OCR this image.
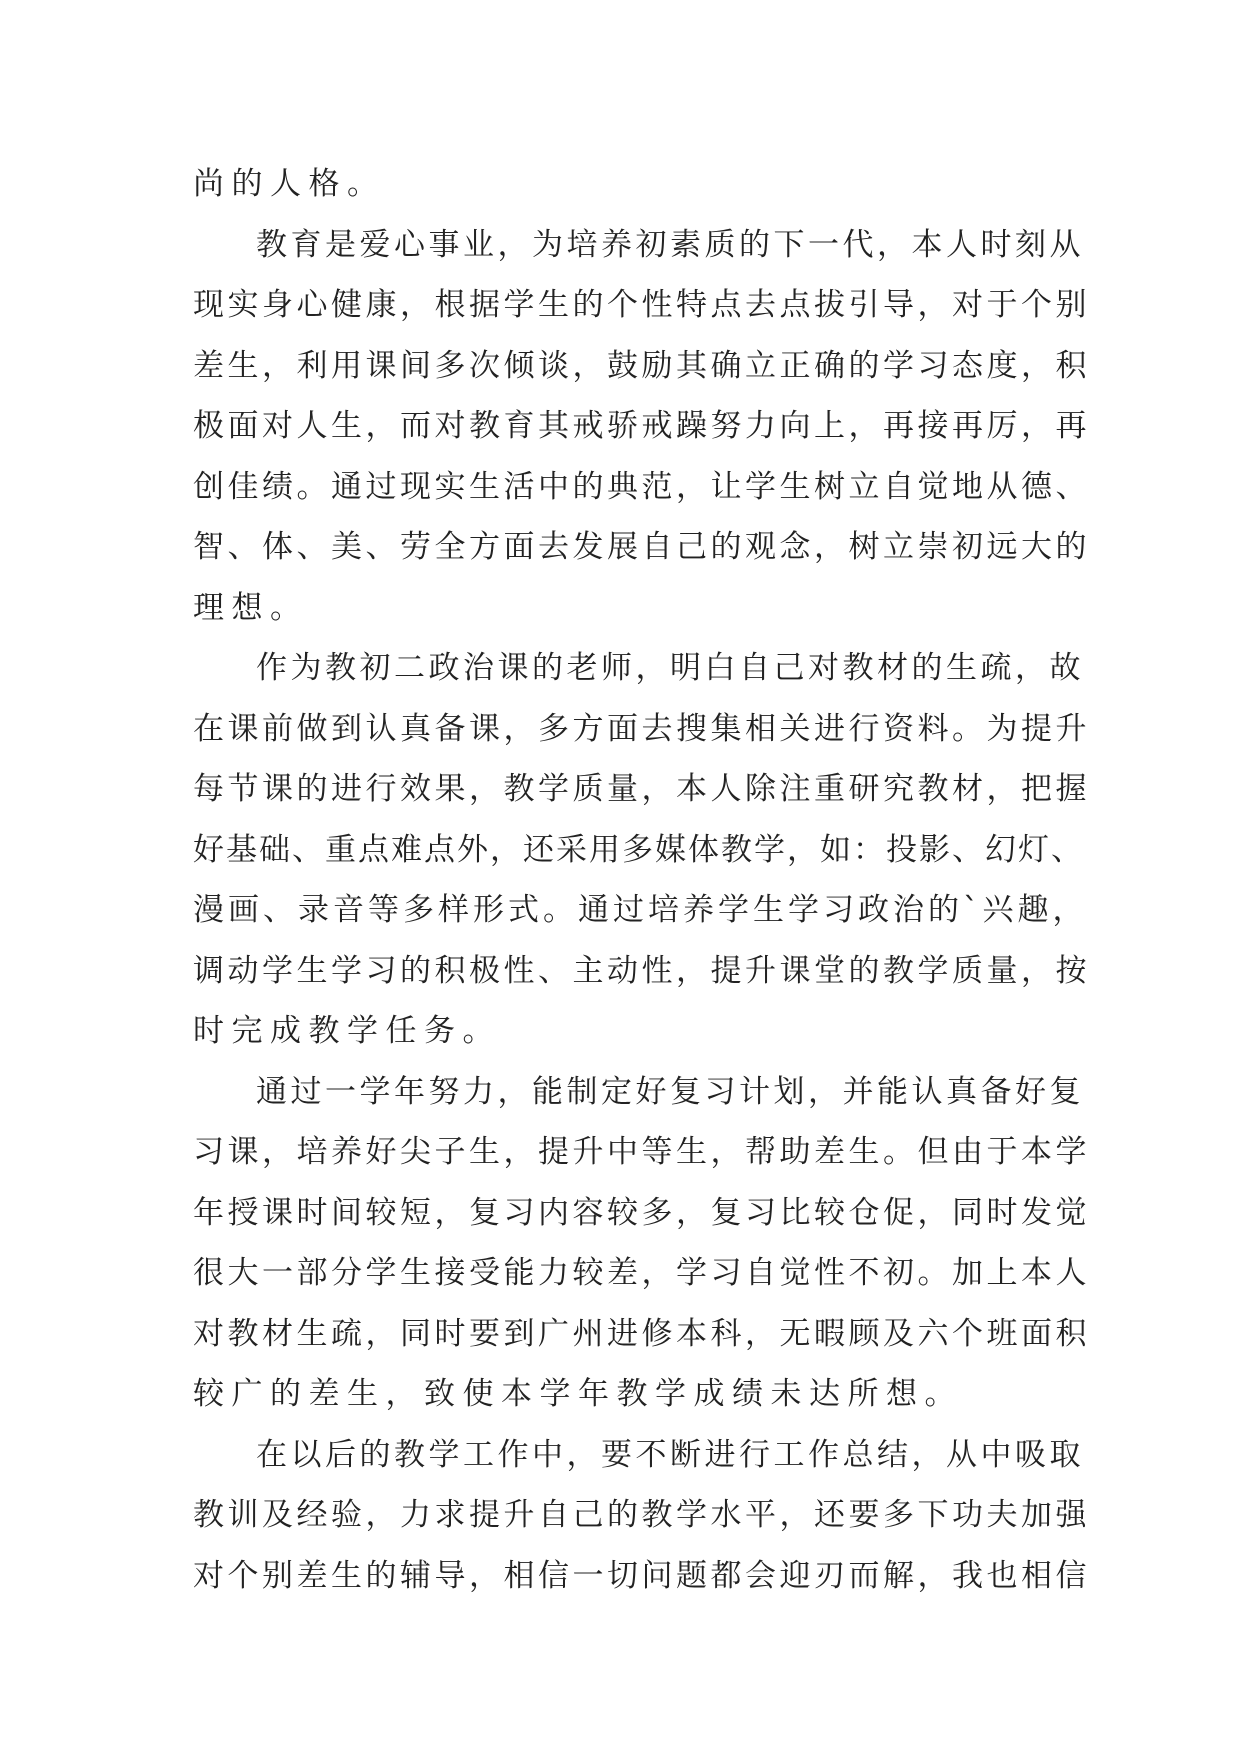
尚的人格。
教育是爱心事业，为培养初素质的下一代，本人时刻从
现实身心健康，根据学生的个性特点去点拔引导，对于个别
差生，利用课间多次倾谈，鼓励其确立正确的学习态度，积
极面对人生，而对教育其戒骄戒躁努力向上，再接再厉，再
创佳绩。通过现实生活中的典范，让学生树立自觉地从德、
智、体、美、劳全方面去发展自己的观念，树立崇初远大的
理想。
作为教初二政治课的老师，明白自己对教材的生疏，故
在课前做到认真备课，多方面去搜集相关进行资料。为提升
每节课的进行效果，教学质量，本人除注重研究教材，把握
好基础、重点难点外，还采用多媒体教学，如：投影、幻灯、
漫画、录音等多样形式。通过培养学生学习政治的`兴趣，
调动学生学习的积极性、主动性，提升课堂的教学质量，按
时完成教学任务。
通过一学年努力，能制定好复习计划，并能认真备好复
习课，培养好尖子生，提升中等生，帮助差生。但由于本学
年授课时间较短，复习内容较多，复习比较仓促，同时发觉
很大一部分学生接受能力较差，学习自觉性不初。加上本人
对教材生疏，同时要到广州进修本科，无暇顾及六个班面积
较广的差生，致使本学年教学成绩未达所想。
在以后的教学工作中，要不断进行工作总结，从中吸取
教训及经验，力求提升自己的教学水平，还要多下功夫加强
对个别差生的辅导，相信一切问题都会迎刃而解，我也相信
